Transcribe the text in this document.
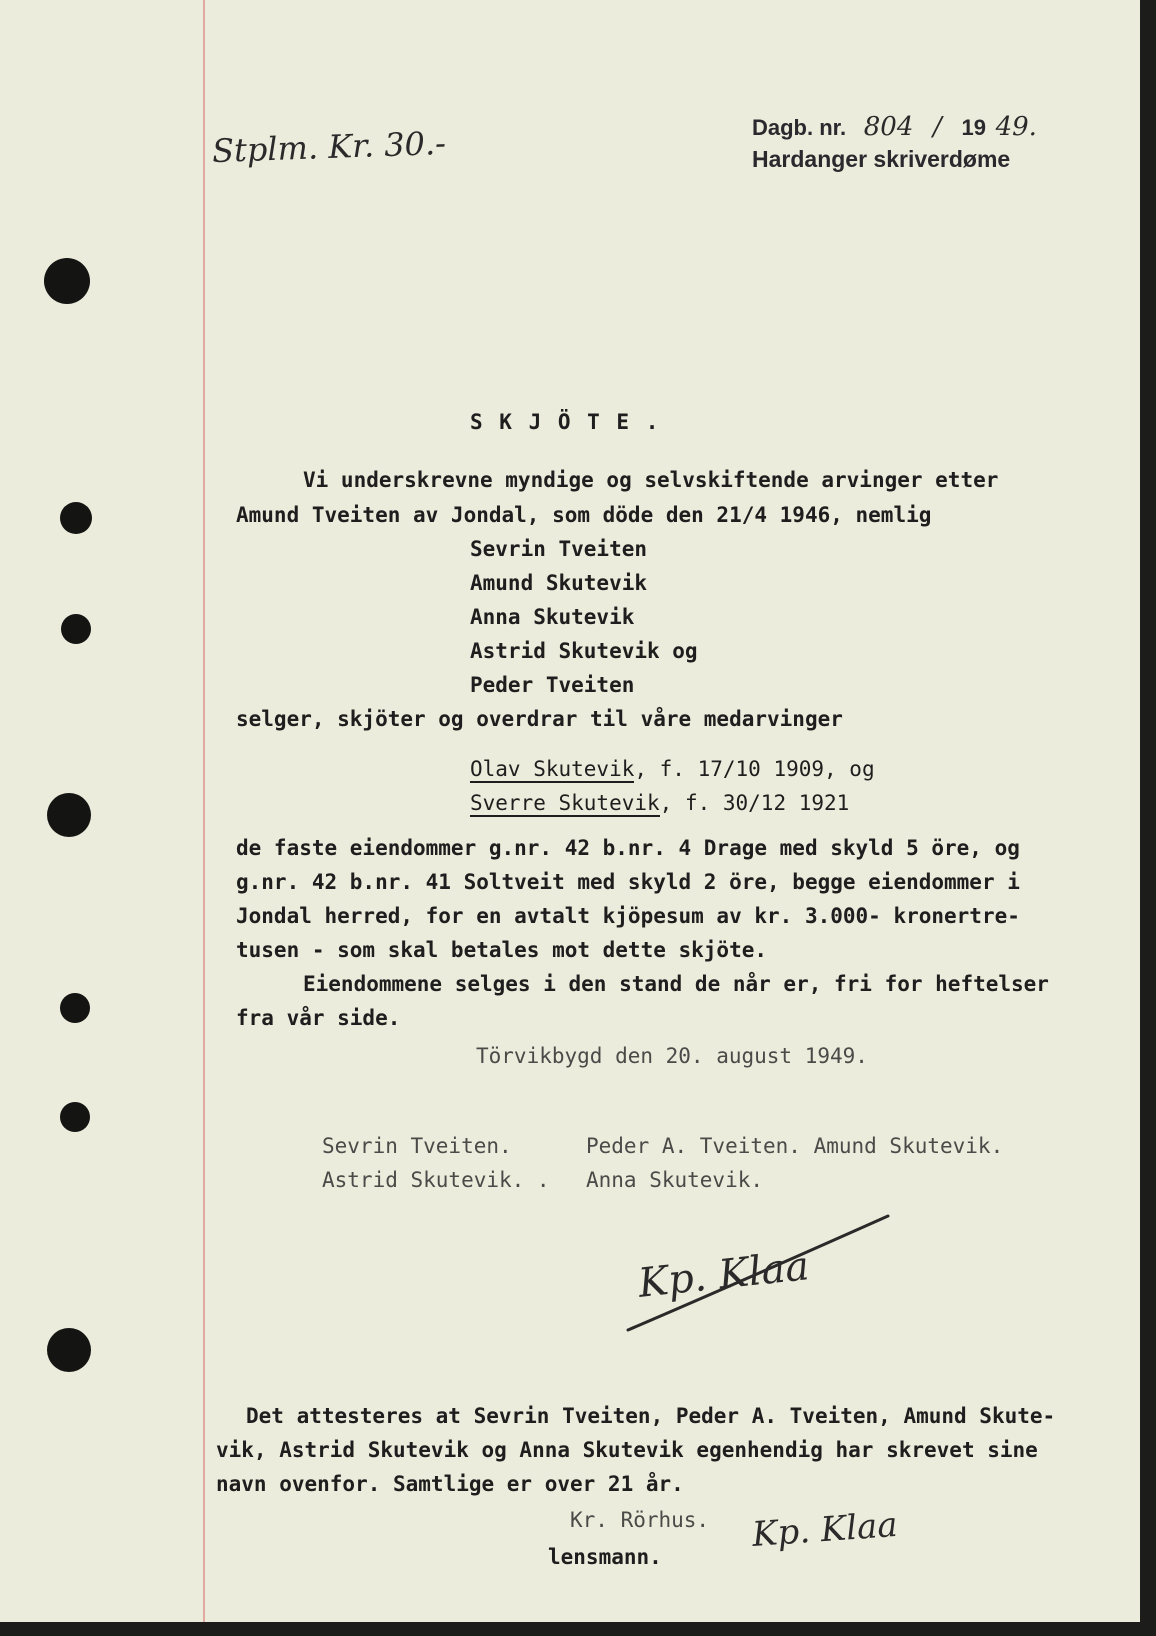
Stplm. Kr. 30.-	Dagb. nr. 804 / 19 49.
Hardanger skriverdøme
S K J Ö T E .
Vi underskrevne myndige og selvskiftende arvinger etter
Amund Tveiten av Jondal, som döde den 21/4 1946, nemlig
Sevrin Tveiten
Amund Skutevik
Anna Skutevik
Astrid Skutevik og
Peder Tveiten
selger, skjöter og overdrar til våre medarvinger
Olav Skutevik, f. 17/10 1909, og
Sverre Skutevik, f. 30/12 1921
de faste eiendommer g.nr. 42 b.nr. 4 Drage med skyld 5 öre, og
g.nr. 42 b.nr. 41 Soltveit med skyld 2 öre, begge eiendommer i
Jondal herred, for en avtalt kjöpesum av kr. 3.000- kronertre-
tusen - som skal betales mot dette skjöte.
Eiendommene selges i den stand de når er, fri for heftelser
fra vår side.
Törvikbygd den 20. august 1949.
Sevrin Tveiten.	Peder A. Tveiten. Amund Skutevik.
Astrid Skutevik. . Anna Skutevik.
Kp. Klaa
Det attesteres at Sevrin Tveiten, Peder A. Tveiten, Amund Skute-
vik, Astrid Skutevik og Anna Skutevik egenhendig har skrevet sine
navn ovenfor. Samtlige er over 21 år.
Kr. Rörhus.
lensmann.
Kp. Klaa
